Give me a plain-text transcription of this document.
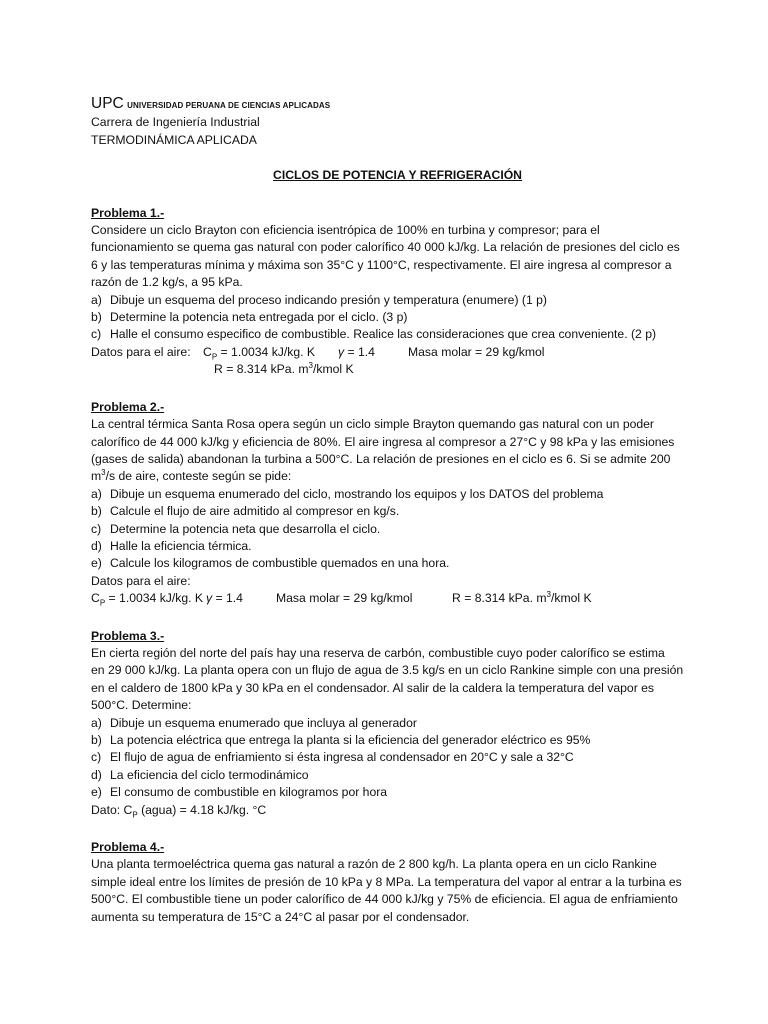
UPC UNIVERSIDAD PERUANA DE CIENCIAS APLICADAS
Carrera de Ingeniería Industrial
TERMODINÁMICA APLICADA
CICLOS DE POTENCIA Y REFRIGERACIÓN
Problema 1.-
Considere un ciclo Brayton con eficiencia isentrópica de 100% en turbina y compresor; para el
funcionamiento se quema gas natural con poder calorífico 40 000 kJ/kg. La relación de presiones del ciclo es
6 y las temperaturas mínima y máxima son 35°C y 1100°C, respectivamente. El aire ingresa al compresor a
razón de 1.2 kg/s, a 95 kPa.
a) Dibuje un esquema del proceso indicando presión y temperatura (enumere) (1 p)
b) Determine la potencia neta entregada por el ciclo. (3 p)
c) Halle el consumo especifico de combustible. Realice las consideraciones que crea conveniente. (2 p)
Datos para el aire: $C_P = 1.0034$ kJ/kg. K γ = 1.4	Masa molar = 29 kg/kmol
R = 8.314 kPa. $m^3$/kmol K
Problema 2.-
La central térmica Santa Rosa opera según un ciclo simple Brayton quemando gas natural con un poder
calorífico de 44 000 kJ/kg y eficiencia de 80%. El aire ingresa al compresor a 27°C y 98 kPa y las emisiones
(gases de salida) abandonan la turbina a 500°C. La relación de presiones en el ciclo es 6. Si se admite 200
$m^3/s$ de aire, conteste según se pide:
a) Dibuje un esquema enumerado del ciclo, mostrando los equipos y los DATOS del problema
b) Calcule el flujo de aire admitido al compresor en kg/s.
c) Determine la potencia neta que desarrolla el ciclo.
d) Halle la eficiencia térmica.
e) Calcule los kilogramos de combustible quemados en una hora.
Datos para el aire:
$C_P = 1.0034$ kJ/kg. K γ = 1.4	Masa molar = 29 kg/kmol	R = 8.314 kPa. $m^3$/kmol K
Problema 3.-
En cierta región del norte del país hay una reserva de carbón, combustible cuyo poder calorífico se estima
en 29 000 kJ/kg. La planta opera con un flujo de agua de 3.5 kg/s en un ciclo Rankine simple con una presión
en el caldero de 1800 kPa y 30 kPa en el condensador. Al salir de la caldera la temperatura del vapor es
500°C. Determine:
a) Dibuje un esquema enumerado que incluya al generador
b) La potencia eléctrica que entrega la planta si la eficiencia del generador eléctrico es 95%
c) El flujo de agua de enfriamiento si ésta ingresa al condensador en 20°C y sale a 32°C
d) La eficiencia del ciclo termodinámico
e) El consumo de combustible en kilogramos por hora
Dato: $C_P$ (agua) = 4.18 kJ/kg. °C
Problema 4.-
Una planta termoeléctrica quema gas natural a razón de 2 800 kg/h. La planta opera en un ciclo Rankine
simple ideal entre los límites de presión de 10 kPa y 8 MPa. La temperatura del vapor al entrar a la turbina es
500°C. El combustible tiene un poder calorífico de 44 000 kJ/kg y 75% de eficiencia. El agua de enfriamiento
aumenta su temperatura de 15°C a 24°C al pasar por el condensador.
